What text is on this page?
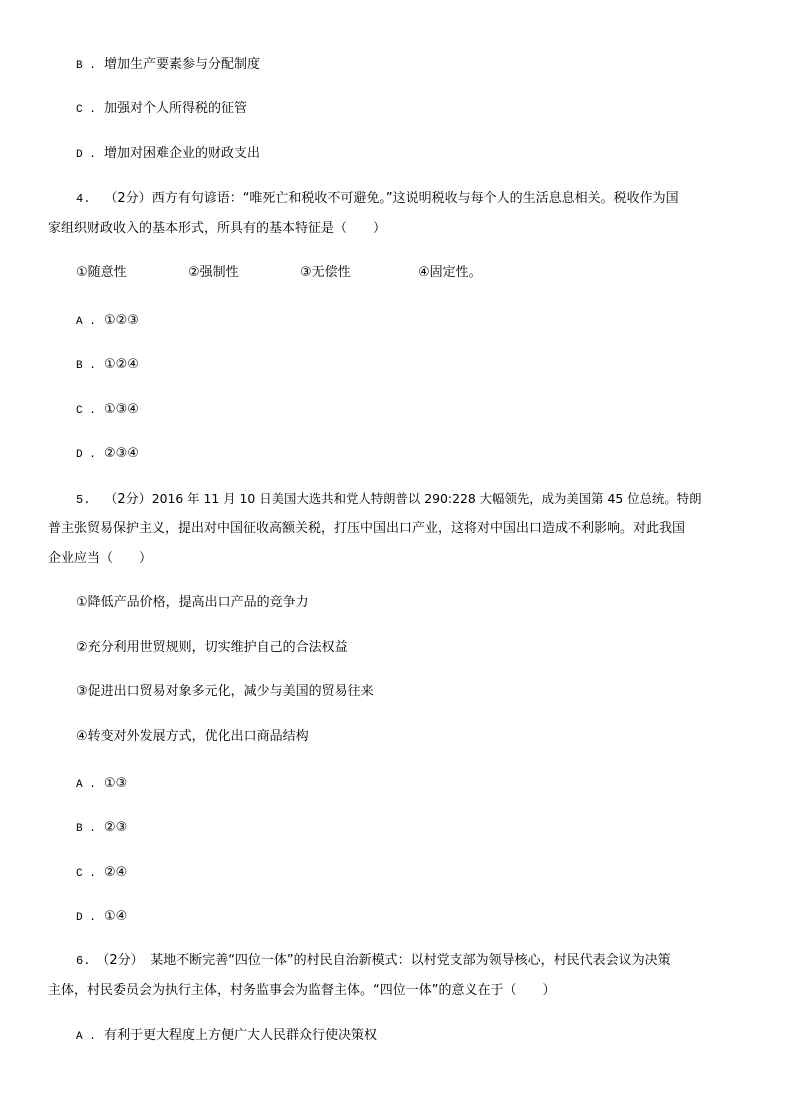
B . 增加生产要素参与分配制度
C . 加强对个人所得税的征管
D . 增加对困难企业的财政支出
4. （2分）西方有句谚语：“唯死亡和税收不可避免。”这说明税收与每个人的生活息息相关。税收作为国
家组织财政收入的基本形式，所具有的基本特征是（　　）
①随意性	②强制性	③无偿性	④固定性。
A . ①②③
B . ①②④
C . ①③④
D . ②③④
5. （2分）2016 年 11 月 10 日美国大选共和党人特朗普以 290:228 大幅领先，成为美国第 45 位总统。特朗
普主张贸易保护主义，提出对中国征收高额关税，打压中国出口产业，这将对中国出口造成不利影响。对此我国
企业应当（　　）
①降低产品价格，提高出口产品的竞争力
②充分利用世贸规则，切实维护自己的合法权益
③促进出口贸易对象多元化，减少与美国的贸易往来
④转变对外发展方式，优化出口商品结构
A . ①③
B . ②③
C . ②④
D . ①④
6. （2分）　某地不断完善“四位一体”的村民自治新模式：以村党支部为领导核心，村民代表会议为决策
主体，村民委员会为执行主体，村务监事会为监督主体。“四位一体”的意义在于（　　）
A . 有利于更大程度上方便广大人民群众行使决策权
